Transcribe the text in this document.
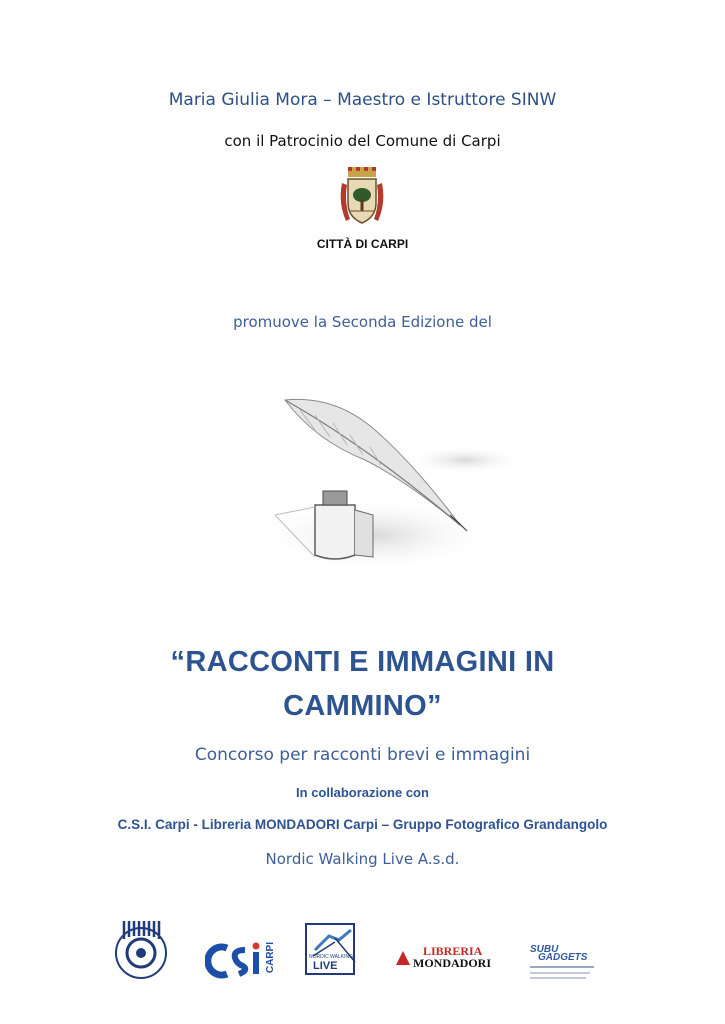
Maria Giulia Mora – Maestro e Istruttore SINW
con il Patrocinio del Comune di Carpi
CITTÀ DI CARPI
promuove la Seconda Edizione del
“RACCONTI E IMMAGINI IN
CAMMINO”
Concorso per racconti brevi e immagini
In collaborazione con
C.S.I. Carpi - Libreria MONDADORI Carpi – Gruppo Fotografico Grandangolo
Nordic Walking Live A.s.d.
CARPI	NORDIC WALKING
LIVE
LIBRERIA
MONDADORI
SUBU
GADGETS
